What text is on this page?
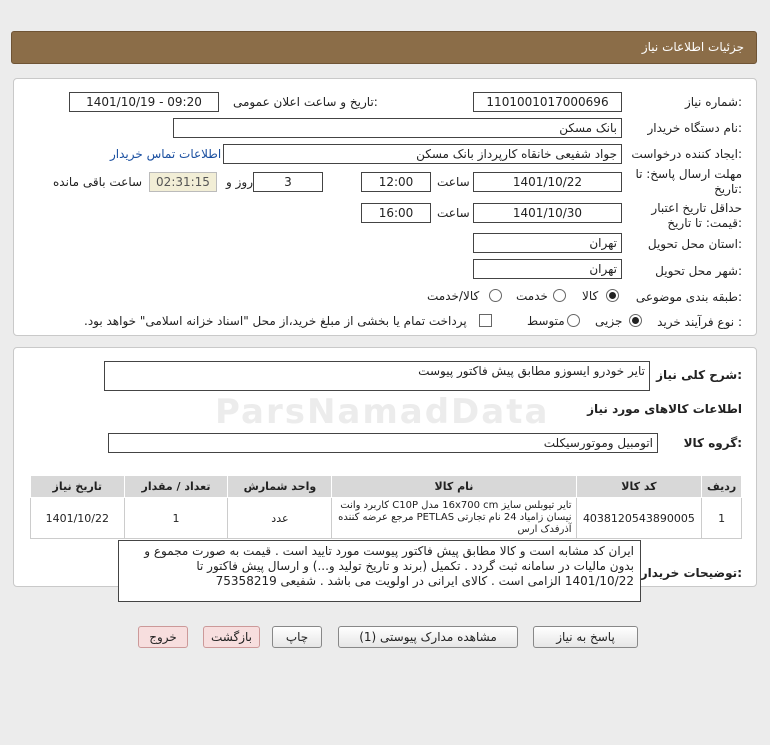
جزئیات اطلاعات نیاز
شماره نیاز:
1101001017000696
تاریخ و ساعت اعلان عمومی:
1401/10/19 - 09:20
نام دستگاه خریدار:
بانک مسکن
ایجاد کننده درخواست:
جواد شفیعی خانقاه کارپرداز بانک مسکن
اطلاعات تماس خریدار
مهلت ارسال پاسخ: تا
تاریخ:
1401/10/22
ساعت
12:00
3
روز و
02:31:15
ساعت باقی مانده
حداقل تاریخ اعتبار
قیمت: تا تاریخ:
1401/10/30
ساعت
16:00
استان محل تحویل:
تهران
شهر محل تحویل:
تهران
طبقه بندی موضوعی:
کالا
خدمت
کالا/خدمت
نوع فرآیند خرید :
جزیی
متوسط
پرداخت تمام یا بخشی از مبلغ خرید،از محل "اسناد خزانه اسلامی" خواهد بود.
شرح کلی نیاز:
تایر خودرو ایسوزو مطابق پیش فاکتور پیوست
اطلاعات کالاهای مورد نیاز
گروه کالا:
اتومبیل وموتورسیکلت
ردیف	کد کالا	نام کالا	واحد شمارش	تعداد / مقدار	تاریخ نیاز
1	4038120543890005	تایر تیوبلس سایز 16x700 cm مدل C10P کاربرد وانت نیسان زامیاد 24 نام تجارتی PETLAS مرجع عرضه کننده آذرفدک ارس	عدد	1	1401/10/22
توضیحات خریدار:
ایران کد مشابه است و کالا مطابق پیش فاکتور پیوست مورد تایید است . قیمت به صورت مجموع و بدون مالیات در سامانه ثبت گردد . تکمیل (برند و تاریخ تولید و...) و ارسال پیش فاکتور تا 1401/10/22 الزامی است . کالای ایرانی در اولویت می باشد . شفیعی 75358219
پاسخ به نیاز
مشاهده مدارک پیوستی (1)
چاپ
بازگشت
خروج
